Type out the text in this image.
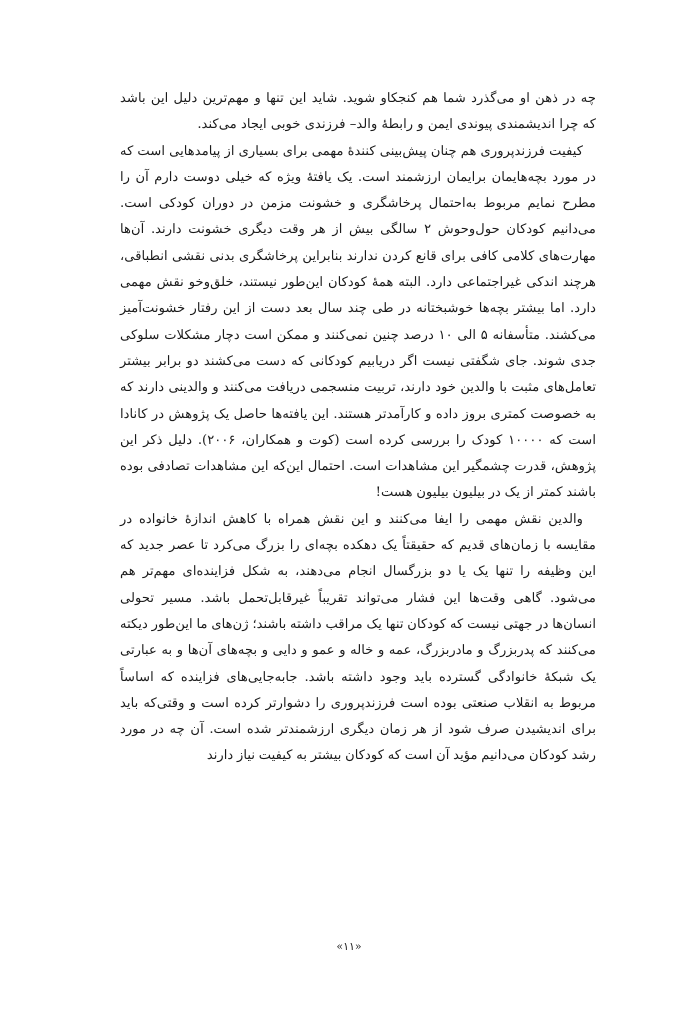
چه در ذهن او می‌گذرد شما هم کنجکاو شوید. شاید این تنها و مهم‌ترین دلیل این باشد که چرا اندیشمندی پیوندی ایمن و رابطهٔ والد– فرزندی خوبی ایجاد می‌کند.

کیفیت فرزندپروری هم چنان پیش‌بینی کنندهٔ مهمی برای بسیاری از پیامدهایی است که در مورد بچه‌هایمان برایمان ارزشمند است. یک یافتهٔ ویژه که خیلی دوست دارم آن را مطرح نمایم مربوط به‌احتمال پرخاشگری و خشونت مزمن در دوران کودکی است. می‌دانیم کودکان حول‌وحوش ۲ سالگی بیش از هر وقت دیگری خشونت دارند. آن‌ها مهارت‌های کلامی کافی برای قانع کردن ندارند بنابراین پرخاشگری بدنی نقشی انطباقی، هرچند اندکی غیراجتماعی دارد. البته همهٔ کودکان این‌طور نیستند، خلق‌وخو نقش مهمی دارد. اما بیشتر بچه‌ها خوشبختانه در طی چند سال بعد دست از این رفتار خشونت‌آمیز می‌کشند. متأسفانه ۵ الی ۱۰ درصد چنین نمی‌کنند و ممکن است دچار مشکلات سلوکی جدی شوند. جای شگفتی نیست اگر دریابیم کودکانی که دست می‌کشند دو برابر بیشتر تعامل‌های مثبت با والدین خود دارند، تربیت منسجمی دریافت می‌کنند و والدینی دارند که به خصوصت کمتری بروز داده و کارآمدتر هستند. این یافته‌ها حاصل یک پژوهش در کانادا است که ۱۰۰۰۰ کودک را بررسی کرده است (کوت و همکاران، ۲۰۰۶). دلیل ذکر این پژوهش، قدرت چشمگیر این مشاهدات است. احتمال این‌که این مشاهدات تصادفی بوده باشند کمتر از یک در بیلیون بیلیون هست!

والدین نقش مهمی را ایفا می‌کنند و این نقش همراه با کاهش اندازهٔ خانواده در مقایسه با زمان‌های قدیم که حقیقتاً یک دهکده بچه‌ای را بزرگ می‌کرد تا عصر جدید که این وظیفه را تنها یک یا دو بزرگسال انجام می‌دهند، به شکل فزاینده‌ای مهم‌تر هم می‌شود. گاهی وقت‌ها این فشار می‌تواند تقریباً غیرقابل‌تحمل باشد. مسیر تحولی انسان‌ها در جهتی نیست که کودکان تنها یک مراقب داشته باشند؛ ژن‌های ما این‌طور دیکته می‌کنند که پدربزرگ و مادربزرگ، عمه و خاله و عمو و دایی و بچه‌های آن‌ها و به عبارتی یک شبکهٔ خانوادگی گسترده باید وجود داشته باشد. جابه‌جایی‌های فزاینده که اساساً مربوط به انقلاب صنعتی بوده است فرزندپروری را دشوارتر کرده است و وقتی‌که باید برای اندیشیدن صرف شود از هر زمان دیگری ارزشمندتر شده است. آن چه در مورد رشد کودکان می‌دانیم مؤید آن است که کودکان بیشتر به کیفیت نیاز دارند

«۱۱»
